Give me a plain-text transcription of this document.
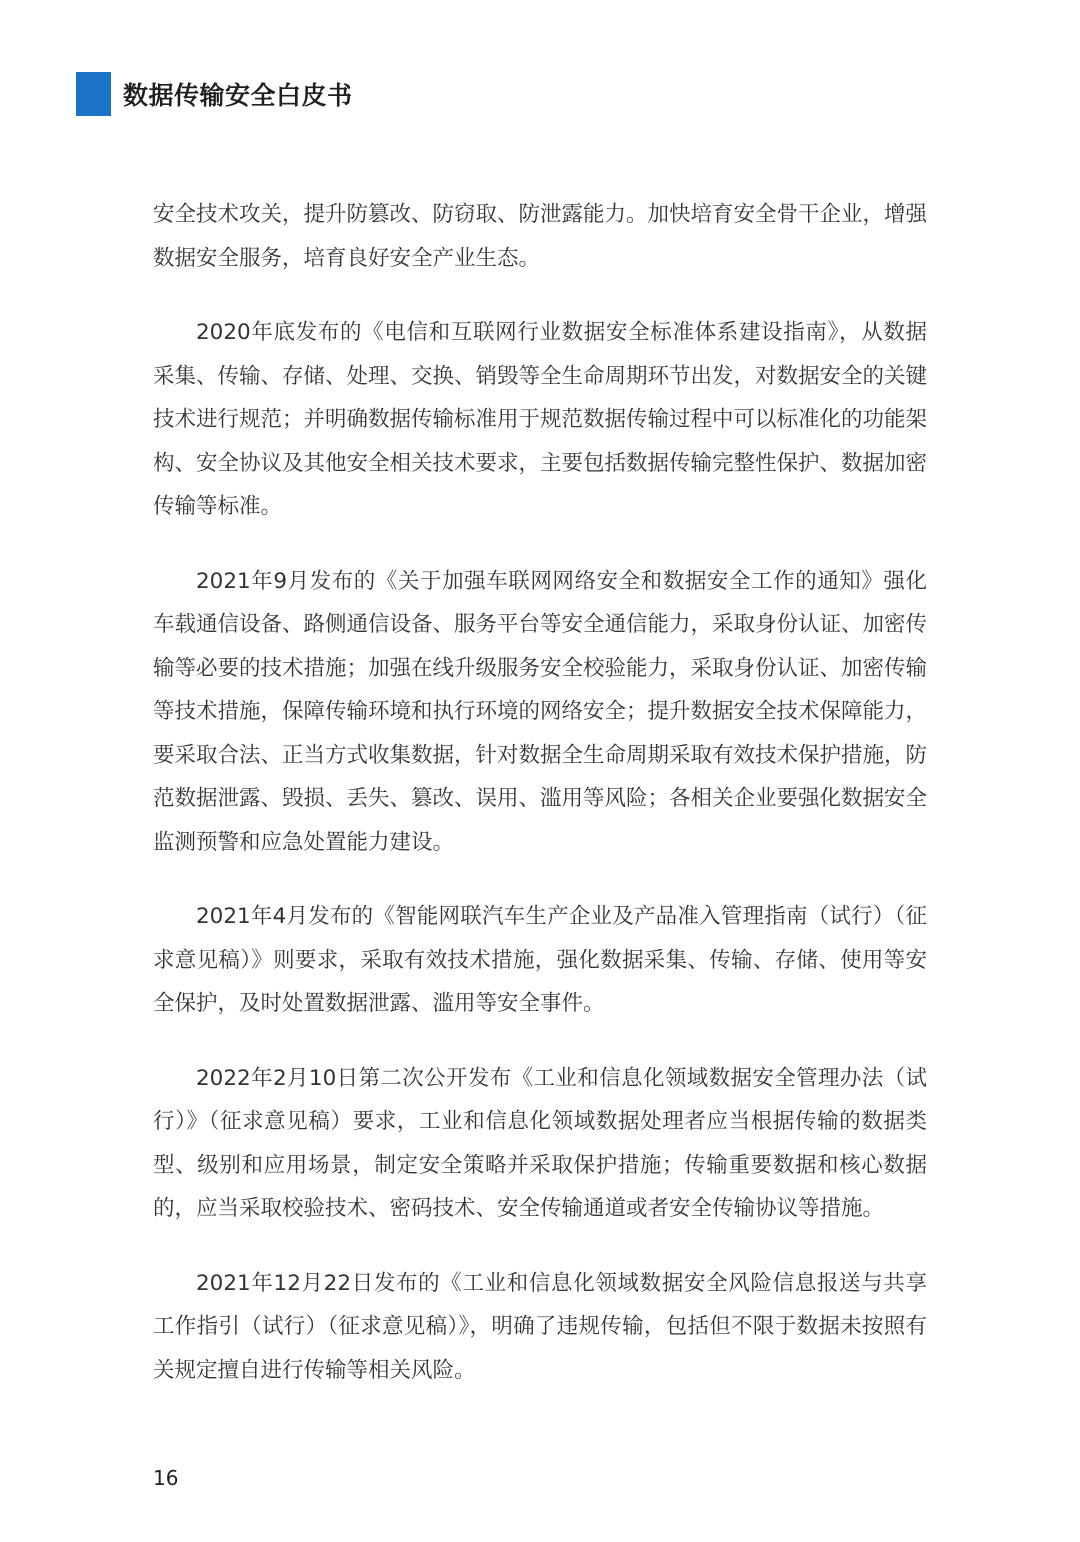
数据传输安全白皮书

安全技术攻关，提升防篡改、防窃取、防泄露能力。加快培育安全骨干企业，增强数据安全服务，培育良好安全产业生态。

2020年底发布的《电信和互联网行业数据安全标准体系建设指南》，从数据采集、传输、存储、处理、交换、销毁等全生命周期环节出发，对数据安全的关键技术进行规范；并明确数据传输标准用于规范数据传输过程中可以标准化的功能架构、安全协议及其他安全相关技术要求，主要包括数据传输完整性保护、数据加密传输等标准。

2021年9月发布的《关于加强车联网网络安全和数据安全工作的通知》强化车载通信设备、路侧通信设备、服务平台等安全通信能力，采取身份认证、加密传输等必要的技术措施；加强在线升级服务安全校验能力，采取身份认证、加密传输等技术措施，保障传输环境和执行环境的网络安全；提升数据安全技术保障能力，要采取合法、正当方式收集数据，针对数据全生命周期采取有效技术保护措施，防范数据泄露、毁损、丢失、篡改、误用、滥用等风险；各相关企业要强化数据安全监测预警和应急处置能力建设。

2021年4月发布的《智能网联汽车生产企业及产品准入管理指南（试行）（征求意见稿）》则要求，采取有效技术措施，强化数据采集、传输、存储、使用等安全保护，及时处置数据泄露、滥用等安全事件。

2022年2月10日第二次公开发布《工业和信息化领域数据安全管理办法（试行）》（征求意见稿）要求，工业和信息化领域数据处理者应当根据传输的数据类型、级别和应用场景，制定安全策略并采取保护措施；传输重要数据和核心数据的，应当采取校验技术、密码技术、安全传输通道或者安全传输协议等措施。

2021年12月22日发布的《工业和信息化领域数据安全风险信息报送与共享工作指引（试行）（征求意见稿）》，明确了违规传输，包括但不限于数据未按照有关规定擅自进行传输等相关风险。

16
